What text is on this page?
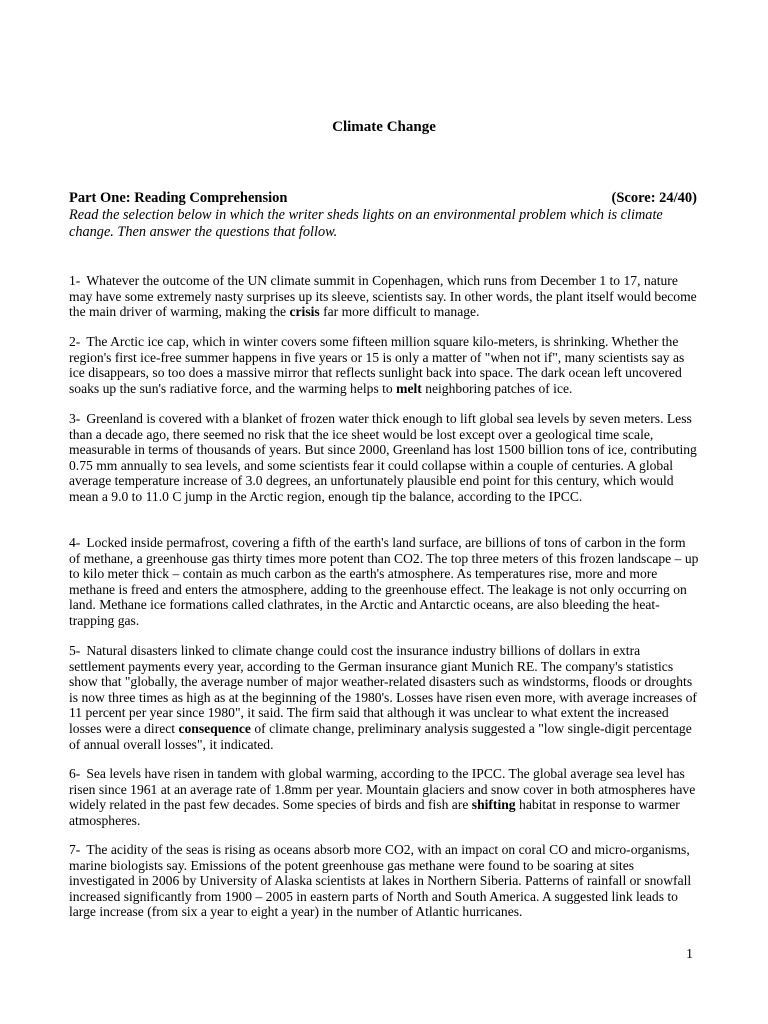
Climate Change
Part One: Reading Comprehension	(Score: 24/40)

Read the selection below in which the writer sheds lights on an environmental problem which is climate change. Then answer the questions that follow.

1- Whatever the outcome of the UN climate summit in Copenhagen, which runs from December 1 to 17, nature may have some extremely nasty surprises up its sleeve, scientists say. In other words, the plant itself would become the main driver of warming, making the crisis far more difficult to manage.

2- The Arctic ice cap, which in winter covers some fifteen million square kilo-meters, is shrinking. Whether the region's first ice-free summer happens in five years or 15 is only a matter of "when not if", many scientists say as ice disappears, so too does a massive mirror that reflects sunlight back into space. The dark ocean left uncovered soaks up the sun's radiative force, and the warming helps to melt neighboring patches of ice.

3- Greenland is covered with a blanket of frozen water thick enough to lift global sea levels by seven meters. Less than a decade ago, there seemed no risk that the ice sheet would be lost except over a geological time scale, measurable in terms of thousands of years. But since 2000, Greenland has lost 1500 billion tons of ice, contributing 0.75 mm annually to sea levels, and some scientists fear it could collapse within a couple of centuries. A global average temperature increase of 3.0 degrees, an unfortunately plausible end point for this century, which would mean a 9.0 to 11.0 C jump in the Arctic region, enough tip the balance, according to the IPCC.

4- Locked inside permafrost, covering a fifth of the earth's land surface, are billions of tons of carbon in the form of methane, a greenhouse gas thirty times more potent than CO2. The top three meters of this frozen landscape – up to kilo meter thick – contain as much carbon as the earth's atmosphere. As temperatures rise, more and more methane is freed and enters the atmosphere, adding to the greenhouse effect. The leakage is not only occurring on land. Methane ice formations called clathrates, in the Arctic and Antarctic oceans, are also bleeding the heat-trapping gas.

5- Natural disasters linked to climate change could cost the insurance industry billions of dollars in extra settlement payments every year, according to the German insurance giant Munich RE. The company's statistics show that "globally, the average number of major weather-related disasters such as windstorms, floods or droughts is now three times as high as at the beginning of the 1980's. Losses have risen even more, with average increases of 11 percent per year since 1980", it said. The firm said that although it was unclear to what extent the increased losses were a direct consequence of climate change, preliminary analysis suggested a "low single-digit percentage of annual overall losses", it indicated.

6- Sea levels have risen in tandem with global warming, according to the IPCC. The global average sea level has risen since 1961 at an average rate of 1.8mm per year. Mountain glaciers and snow cover in both atmospheres have widely related in the past few decades. Some species of birds and fish are shifting habitat in response to warmer atmospheres.

7- The acidity of the seas is rising as oceans absorb more CO2, with an impact on coral CO and micro-organisms, marine biologists say. Emissions of the potent greenhouse gas methane were found to be soaring at sites investigated in 2006 by University of Alaska scientists at lakes in Northern Siberia. Patterns of rainfall or snowfall increased significantly from 1900 – 2005 in eastern parts of North and South America. A suggested link leads to large increase (from six a year to eight a year) in the number of Atlantic hurricanes.

1
